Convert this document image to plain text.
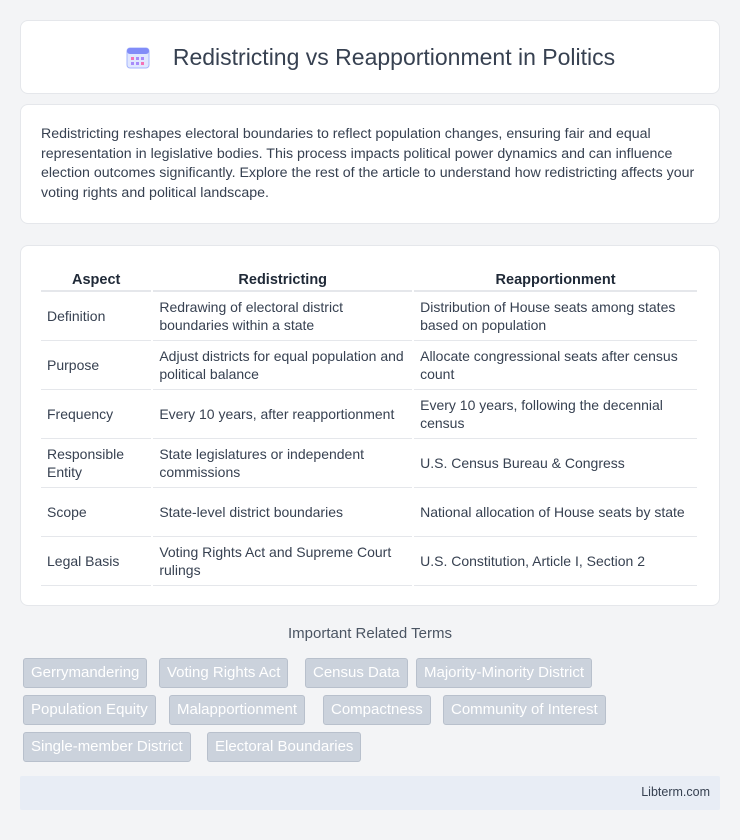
Redistricting vs Reapportionment in Politics

Redistricting reshapes electoral boundaries to reflect population changes, ensuring fair and equal representation in legislative bodies. This process impacts political power dynamics and can influence election outcomes significantly. Explore the rest of the article to understand how redistricting affects your voting rights and political landscape.

Aspect	Redistricting	Reapportionment
Definition	Redrawing of electoral district boundaries within a state	Distribution of House seats among states based on population
Purpose	Adjust districts for equal population and political balance	Allocate congressional seats after census count
Frequency	Every 10 years, after reapportionment	Every 10 years, following the decennial census
Responsible Entity	State legislatures or independent commissions	U.S. Census Bureau & Congress
Scope	State-level district boundaries	National allocation of House seats by state
Legal Basis	Voting Rights Act and Supreme Court rulings	U.S. Constitution, Article I, Section 2
Important Related Terms
Gerrymandering	Voting Rights Act	Census Data	Majority-Minority District
Population Equity	Malapportionment	Compactness	Community of Interest
Single-member District	Electoral Boundaries
Libterm.com
